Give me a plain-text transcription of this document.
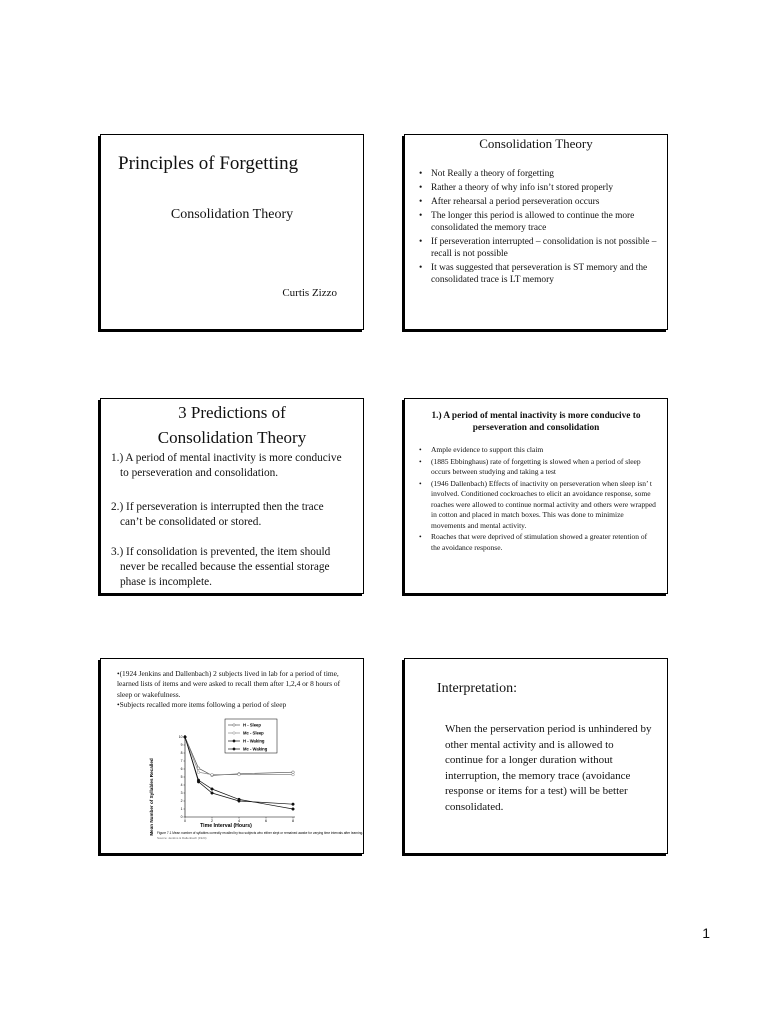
Principles of Forgetting
Consolidation Theory
Curtis Zizzo
Consolidation Theory
• Not Really a theory of forgetting
• Rather a theory of why info isn’t stored properly
• After rehearsal a period perseveration occurs
• The longer this period is allowed to continue the more consolidated the memory trace
• If perseveration interrupted – consolidation is not possible – recall is not possible
• It was suggested that perseveration is ST memory and the consolidated trace is LT memory
3 Predictions of
Consolidation Theory
1.) A period of mental inactivity is more conducive to perseveration and consolidation.
2.) If perseveration is interrupted then the trace can’t be consolidated or stored.
3.) If consolidation is prevented, the item should never be recalled because the essential storage phase is incomplete.
1.) A period of mental inactivity is more conducive to perseveration and consolidation
• Ample evidence to support this claim
• (1885 Ebbinghaus) rate of forgetting is slowed when a period of sleep occurs between studying and taking a test
• (1946 Dallenbach) Effects of inactivity on perseveration when sleep isn’ t involved. Conditioned cockroaches to elicit an avoidance response, some roaches were allowed to continue normal activity and others were wrapped in cotton and placed in match boxes. This was done to minimize movements and mental activity.
• Roaches that were deprived of stimulation showed a greater retention of the avoidance response.

•(1924 Jenkins and Dallenbach) 2 subjects lived in lab for a period of time, learned lists of items and were asked to recall them after 1,2,4 or 8 hours of sleep or wakefulness.

•Subjects recalled more items following a period of sleep

0
1
2
3
4
5
6
7
8
9
10
0	2	4	6	8
H - Sleep
Mc - Sleep
H - Waking
Mc - Waking
Mean Number of Syllables Recalled	Time Interval (Hours)
Figure 7.1 Mean number of syllables correctly recalled by two subjects who either slept or remained awake for varying time intervals after learning.
Source: Jenkins & Dallenbach (1924)
Interpretation:
When the perservation period is unhindered by other mental activity and is allowed to continue for a longer duration without interruption, the memory trace (avoidance response or items for a test) will be better consolidated.
1
